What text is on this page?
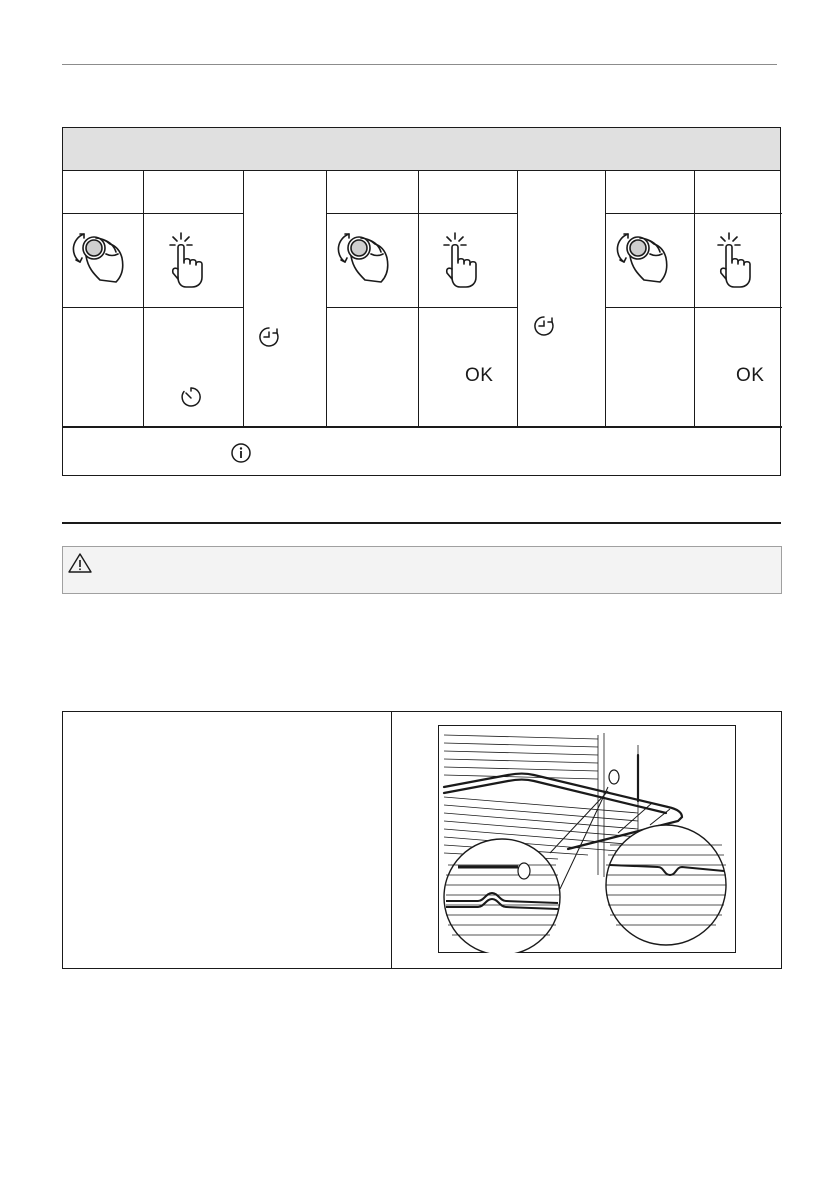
OK	OK
